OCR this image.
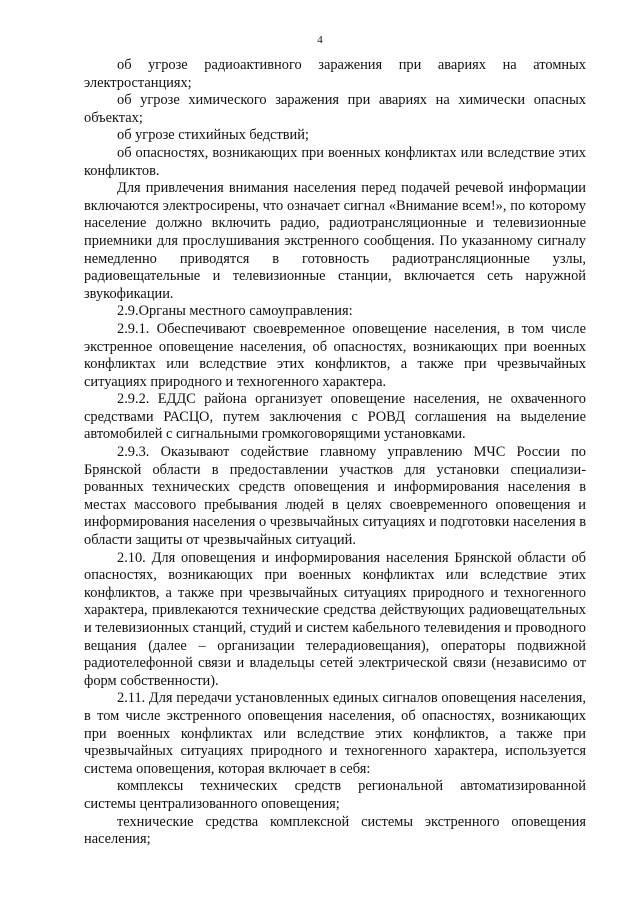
4

об угрозе радиоактивного заражения при авариях на атомных электростанциях;

об угрозе химического заражения при авариях на химически опасных объектах;

об угрозе стихийных бедствий;

об опасностях, возникающих при военных конфликтах или вследствие этих конфликтов.

Для привлечения внимания населения перед подачей речевой информации включаются электросирены, что означает сигнал «Внимание всем!», по которому население должно включить радио, радиотрансляционные и телевизионные приемники для прослушивания экстренного сообщения. По указанному сигналу немедленно приводятся в готовность радиотрансляционные узлы, радиовещательные и телевизионные станции, включается сеть наружной звукофикации.

2.9.Органы местного самоуправления:

2.9.1. Обеспечивают своевременное оповещение населения, в том числе экстренное оповещение населения, об опасностях, возникающих при военных конфликтах или вследствие этих конфликтов, а также при чрезвычайных ситуациях природного и техногенного характера.

2.9.2. ЕДДС района организует оповещение населения, не охваченного средствами РАСЦО, путем заключения с РОВД соглашения на выделение автомобилей с сигнальными громкоговорящими установками.

2.9.3. Оказывают содействие главному управлению МЧС России по Брянской области в предоставлении участков для установки специализированных технических средств оповещения и информирования населения в местах массового пребывания людей в целях своевременного оповещения и информирования населения о чрезвычайных ситуациях и подготовки населения в области защиты от чрезвычайных ситуаций.

2.10. Для оповещения и информирования населения Брянской области об опасностях, возникающих при военных конфликтах или вследствие этих конфликтов, а также при чрезвычайных ситуациях природного и техногенного характера, привлекаются технические средства действующих радиовещательных и телевизионных станций, студий и систем кабельного телевидения и проводного вещания (далее – организации телерадиовещания), операторы подвижной радиотелефонной связи и владельцы сетей электрической связи (независимо от форм собственности).

2.11. Для передачи установленных единых сигналов оповещения населения, в том числе экстренного оповещения населения, об опасностях, возникающих при военных конфликтах или вследствие этих конфликтов, а также при чрезвычайных ситуациях природного и техногенного характера, используется система оповещения, которая включает в себя:

комплексы технических средств региональной автоматизированной системы централизованного оповещения;

технические средства комплексной системы экстренного оповещения населения;
